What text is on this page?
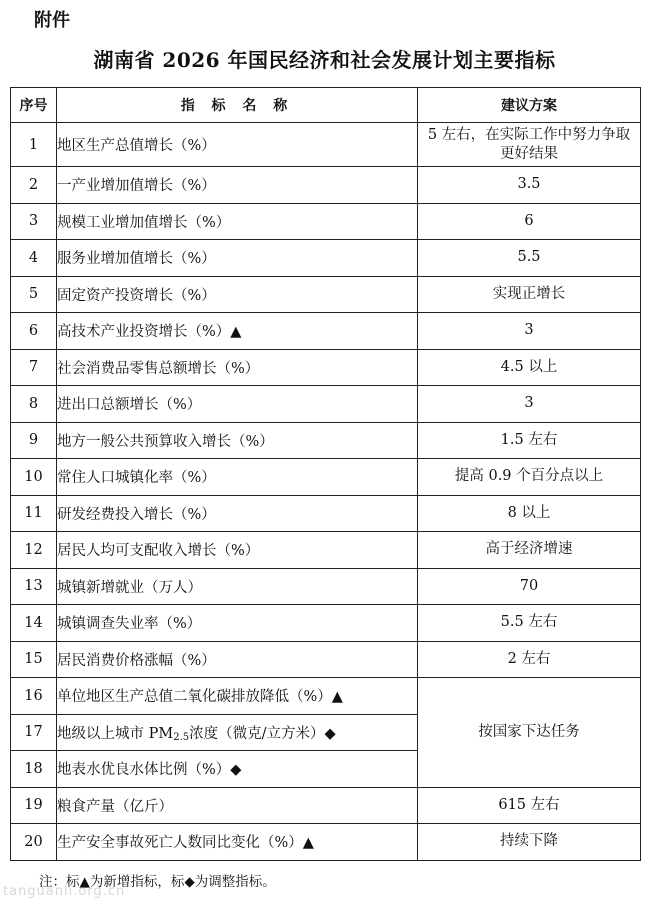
附件
湖南省 2026 年国民经济和社会发展计划主要指标
序号	指 标 名 称	建议方案
1	地区生产总值增长（%）	5 左右，在实际工作中努力争取更好结果
2	一产业增加值增长（%）	3.5
3	规模工业增加值增长（%）	6
4	服务业增加值增长（%）	5.5
5	固定资产投资增长（%）	实现正增长
6	高技术产业投资增长（%）▲	3
7	社会消费品零售总额增长（%）	4.5 以上
8	进出口总额增长（%）	3
9	地方一般公共预算收入增长（%）	1.5 左右
10	常住人口城镇化率（%）	提高 0.9 个百分点以上
11	研发经费投入增长（%）	8 以上
12	居民人均可支配收入增长（%）	高于经济增速
13	城镇新增就业（万人）	70
14	城镇调查失业率（%）	5.5 左右
15	居民消费价格涨幅（%）	2 左右
16	单位地区生产总值二氧化碳排放降低（%）▲	按国家下达任务
17	地级以上城市 $PM_{2.5}$浓度（微克/立方米）◆	
18	地表水优良水体比例（%）◆	
19	粮食产量（亿斤）	615 左右
20	生产安全事故死亡人数同比变化（%）▲	持续下降
注：标▲为新增指标，标◆为调整指标。
tanguanli.org.cn
